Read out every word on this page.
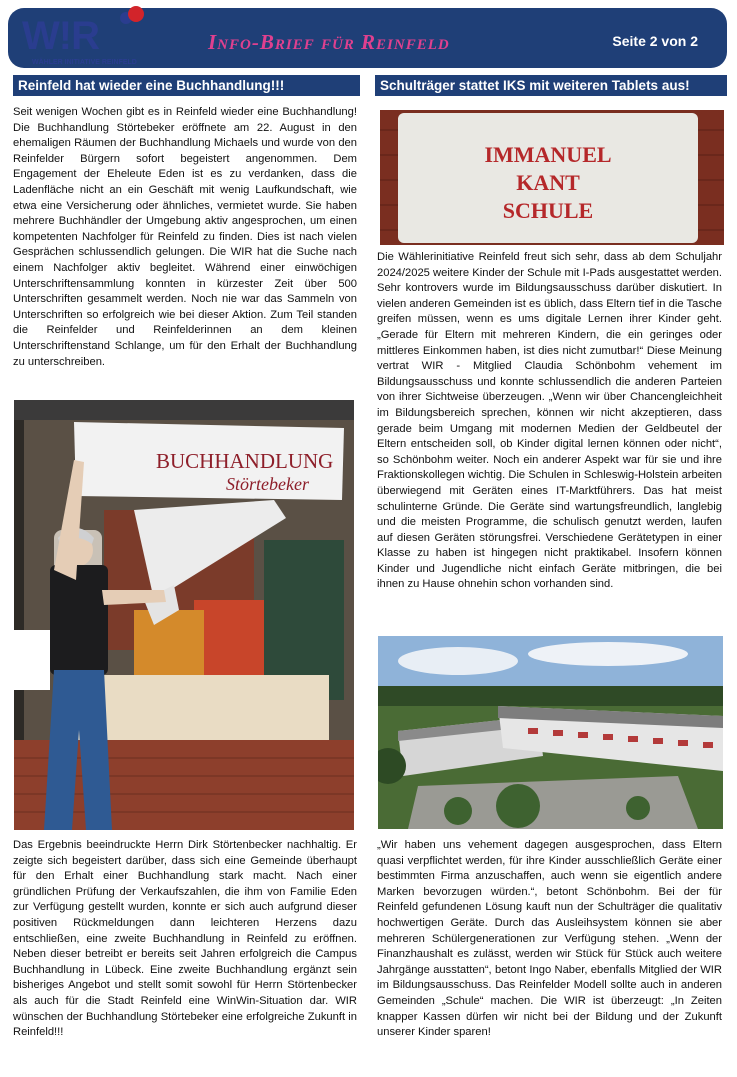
Info-Brief für Reinfeld	Seite 2 von 2
W!R
WÄHLER INITIATIVE REINFELD
Reinfeld hat wieder eine Buchhandlung!!!

Seit wenigen Wochen gibt es in Reinfeld wieder eine Buchhandlung! Die Buchhandlung Störtebeker eröffnete am 22. August in den ehemaligen Räumen der Buchhandlung Michaels und wurde von den Reinfelder Bürgern sofort begeistert angenommen. Dem Engagement der Eheleute Eden ist es zu verdanken, dass die Ladenfläche nicht an ein Geschäft mit wenig Laufkundschaft, wie etwa eine Versicherung oder ähnliches, vermietet wurde. Sie haben mehrere Buchhändler der Umgebung aktiv angesprochen, um einen kompetenten Nachfolger für Reinfeld zu finden. Dies ist nach vielen Gesprächen schlussendlich gelungen. Die WIR hat die Suche nach einem Nachfolger aktiv begleitet. Während einer einwöchigen Unterschriftensammlung konnten in kürzester Zeit über 500 Unterschriften gesammelt werden. Noch nie war das Sammeln von Unterschriften so erfolgreich wie bei dieser Aktion. Zum Teil standen die Reinfelder und Reinfelderinnen an dem kleinen Unterschriftenstand Schlange, um für den Erhalt der Buchhandlung zu unterschreiben.

BUCHHANDLUNG
Störtebeker

Das Ergebnis beeindruckte Herrn Dirk Störtenbecker nachhaltig. Er zeigte sich begeistert darüber, dass sich eine Gemeinde überhaupt für den Erhalt einer Buchhandlung stark macht. Nach einer gründlichen Prüfung der Verkaufszahlen, die ihm von Familie Eden zur Verfügung gestellt wurden, konnte er sich auch aufgrund dieser positiven Rückmeldungen dann leichteren Herzens dazu entschließen, eine zweite Buchhandlung in Reinfeld zu eröffnen. Neben dieser betreibt er bereits seit Jahren erfolgreich die Campus Buchhandlung in Lübeck. Eine zweite Buchhandlung ergänzt sein bisheriges Angebot und stellt somit sowohl für Herrn Störtenbecker als auch für die Stadt Reinfeld eine WinWin-Situation dar. WIR wünschen der Buchhandlung Störtebeker eine erfolgreiche Zukunft in Reinfeld!!!

Schulträger stattet IKS mit weiteren Tablets aus!
IMMANUEL
KANT
SCHULE

Die Wählerinitiative Reinfeld freut sich sehr, dass ab dem Schuljahr 2024/2025 weitere Kinder der Schule mit I-Pads ausgestattet werden. Sehr kontrovers wurde im Bildungsausschuss darüber diskutiert. In vielen anderen Gemeinden ist es üblich, dass Eltern tief in die Tasche greifen müssen, wenn es ums digitale Lernen ihrer Kinder geht. „Gerade für Eltern mit mehreren Kindern, die ein geringes oder mittleres Einkommen haben, ist dies nicht zumutbar!“ Diese Meinung vertrat WIR - Mitglied Claudia Schönbohm vehement im Bildungsausschuss und konnte schlussendlich die anderen Parteien von ihrer Sichtweise überzeugen. „Wenn wir über Chancengleichheit im Bildungsbereich sprechen, können wir nicht akzeptieren, dass gerade beim Umgang mit modernen Medien der Geldbeutel der Eltern entscheiden soll, ob Kinder digital lernen können oder nicht“, so Schönbohm weiter. Noch ein anderer Aspekt war für sie und ihre Fraktionskollegen wichtig. Die Schulen in Schleswig-Holstein arbeiten überwiegend mit Geräten eines IT-Marktführers. Das hat meist schulinterne Gründe. Die Geräte sind wartungsfreundlich, langlebig und die meisten Programme, die schulisch genutzt werden, laufen auf diesen Geräten störungsfrei. Verschiedene Gerätetypen in einer Klasse zu haben ist hingegen nicht praktikabel. Insofern können Kinder und Jugendliche nicht einfach Geräte mitbringen, die bei ihnen zu Hause ohnehin schon vorhanden sind.

„Wir haben uns vehement dagegen ausgesprochen, dass Eltern quasi verpflichtet werden, für ihre Kinder ausschließlich Geräte einer bestimmten Firma anzuschaffen, auch wenn sie eigentlich andere Marken bevorzugen würden.“, betont Schönbohm. Bei der für Reinfeld gefundenen Lösung kauft nun der Schulträger die qualitativ hochwertigen Geräte. Durch das Ausleihsystem können sie aber mehreren Schülergenerationen zur Verfügung stehen. „Wenn der Finanzhaushalt es zulässt, werden wir Stück für Stück auch weitere Jahrgänge ausstatten“, betont Ingo Naber, ebenfalls Mitglied der WIR im Bildungsausschuss. Das Reinfelder Modell sollte auch in anderen Gemeinden „Schule“ machen. Die WIR ist überzeugt: „In Zeiten knapper Kassen dürfen wir nicht bei der Bildung und der Zukunft unserer Kinder sparen!
